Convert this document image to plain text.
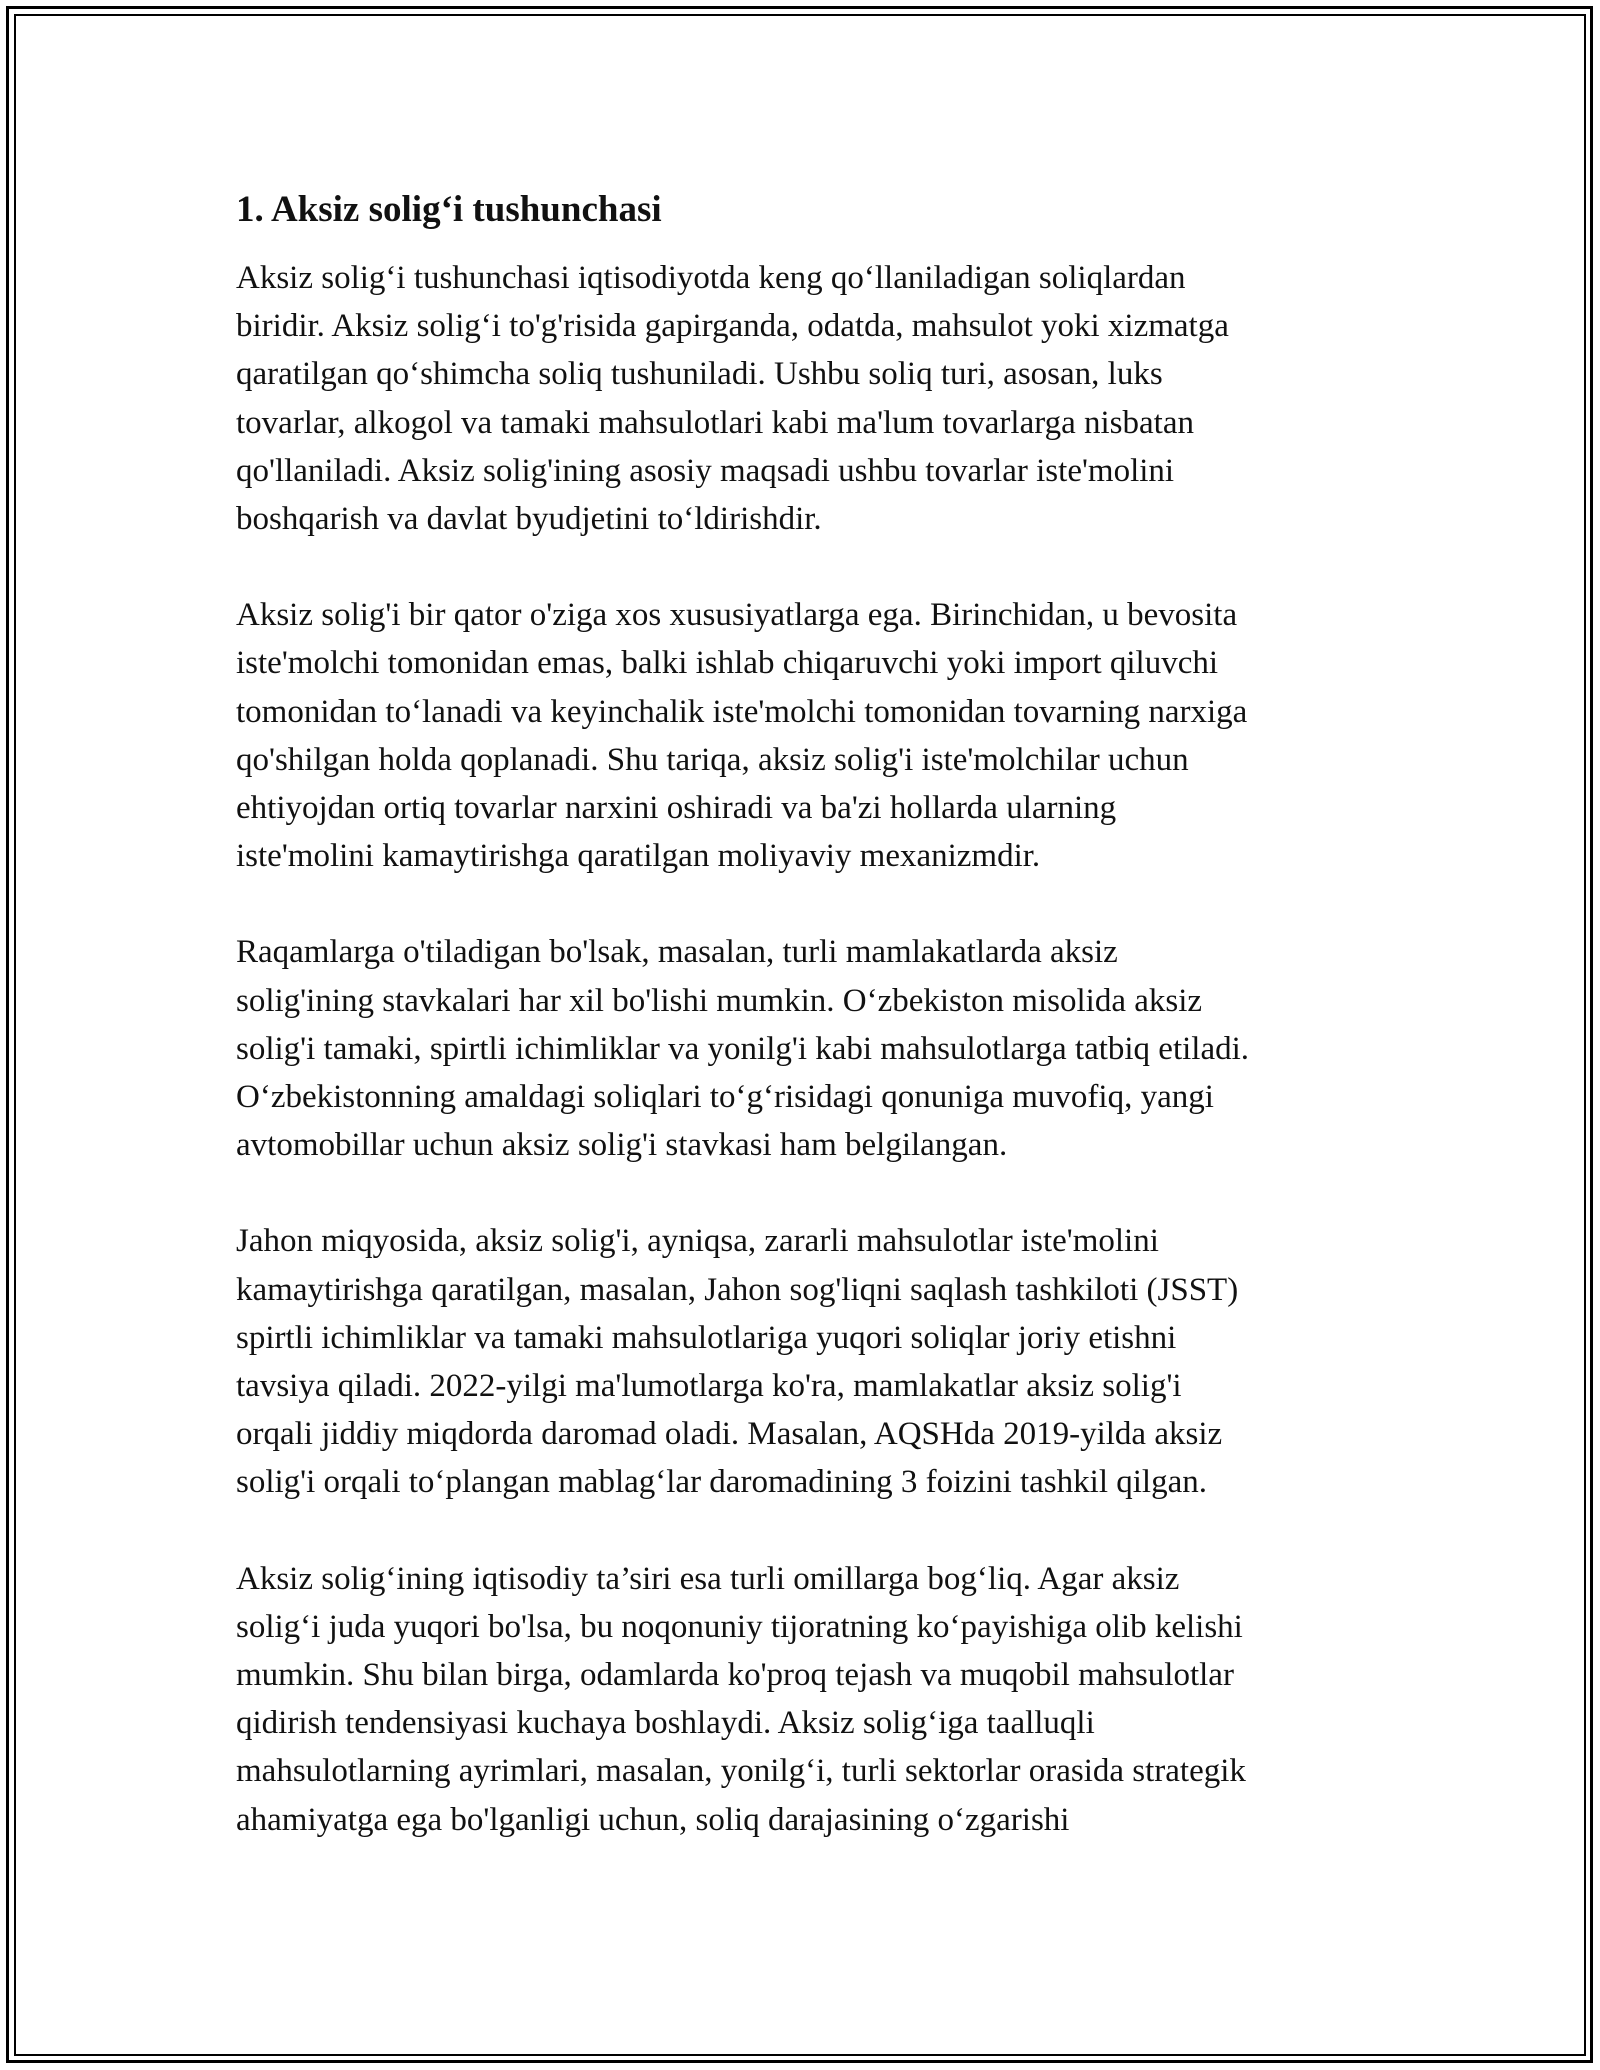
1. Aksiz solig‘i tushunchasi

Aksiz solig‘i tushunchasi iqtisodiyotda keng qo‘llaniladigan soliqlardan
biridir. Aksiz solig‘i to'g'risida gapirganda, odatda, mahsulot yoki xizmatga
qaratilgan qo‘shimcha soliq tushuniladi. Ushbu soliq turi, asosan, luks
tovarlar, alkogol va tamaki mahsulotlari kabi ma'lum tovarlarga nisbatan
qo'llaniladi. Aksiz solig'ining asosiy maqsadi ushbu tovarlar iste'molini
boshqarish va davlat byudjetini to‘ldirishdir.

Aksiz solig'i bir qator o'ziga xos xususiyatlarga ega. Birinchidan, u bevosita
iste'molchi tomonidan emas, balki ishlab chiqaruvchi yoki import qiluvchi
tomonidan to‘lanadi va keyinchalik iste'molchi tomonidan tovarning narxiga
qo'shilgan holda qoplanadi. Shu tariqa, aksiz solig'i iste'molchilar uchun
ehtiyojdan ortiq tovarlar narxini oshiradi va ba'zi hollarda ularning
iste'molini kamaytirishga qaratilgan moliyaviy mexanizmdir.

Raqamlarga o'tiladigan bo'lsak, masalan, turli mamlakatlarda aksiz
solig'ining stavkalari har xil bo'lishi mumkin. O‘zbekiston misolida aksiz
solig'i tamaki, spirtli ichimliklar va yonilg'i kabi mahsulotlarga tatbiq etiladi.
O‘zbekistonning amaldagi soliqlari to‘g‘risidagi qonuniga muvofiq, yangi
avtomobillar uchun aksiz solig'i stavkasi ham belgilangan.

Jahon miqyosida, aksiz solig'i, ayniqsa, zararli mahsulotlar iste'molini
kamaytirishga qaratilgan, masalan, Jahon sog'liqni saqlash tashkiloti (JSST)
spirtli ichimliklar va tamaki mahsulotlariga yuqori soliqlar joriy etishni
tavsiya qiladi. 2022-yilgi ma'lumotlarga ko'ra, mamlakatlar aksiz solig'i
orqali jiddiy miqdorda daromad oladi. Masalan, AQSHda 2019-yilda aksiz
solig'i orqali to‘plangan mablag‘lar daromadining 3 foizini tashkil qilgan.

Aksiz solig‘ining iqtisodiy ta’siri esa turli omillarga bog‘liq. Agar aksiz
solig‘i juda yuqori bo'lsa, bu noqonuniy tijoratning ko‘payishiga olib kelishi
mumkin. Shu bilan birga, odamlarda ko'proq tejash va muqobil mahsulotlar
qidirish tendensiyasi kuchaya boshlaydi. Aksiz solig‘iga taalluqli
mahsulotlarning ayrimlari, masalan, yonilg‘i, turli sektorlar orasida strategik
ahamiyatga ega bo'lganligi uchun, soliq darajasining o‘zgarishi
